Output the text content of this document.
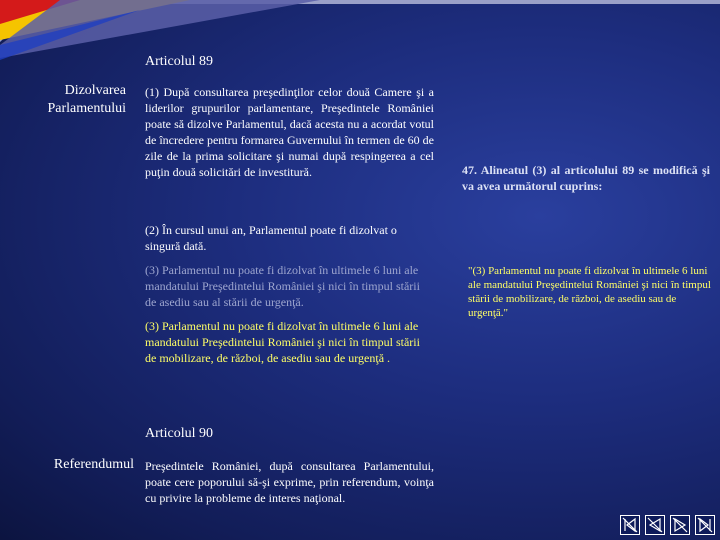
Articolul 89
Dizolvarea
Parlamentului
(1) După consultarea preşedinţilor celor două Camere şi a liderilor grupurilor parlamentare, Preşedintele României poate să dizolve Parlamentul, dacă acesta nu a acordat votul de încredere pentru formarea Guvernului în termen de 60 de zile de la prima solicitare şi numai după respingerea a cel puţin două solicitări de investitură.
(2) În cursul unui an, Parlamentul poate fi dizolvat o singură dată.
(3) Parlamentul nu poate fi dizolvat în ultimele 6 luni ale mandatului Preşedintelui României şi nici în timpul stării de asediu sau al stării de urgenţă.
(3) Parlamentul nu poate fi dizolvat în ultimele 6 luni ale mandatului Preşedintelui României şi nici în timpul stării de mobilizare, de război, de asediu sau de urgenţă .
47. Alineatul (3) al articolului 89 se modifică şi va avea următorul cuprins:
"(3) Parlamentul nu poate fi dizolvat în ultimele 6 luni ale mandatului Preşedintelui României şi nici în timpul stării de mobilizare, de război, de asediu sau de urgenţă."
Articolul 90
Referendumul Preşedintele României, după consultarea Parlamentului, poate cere poporului să-şi exprime, prin referendum, voinţa cu privire la probleme de interes naţional.
